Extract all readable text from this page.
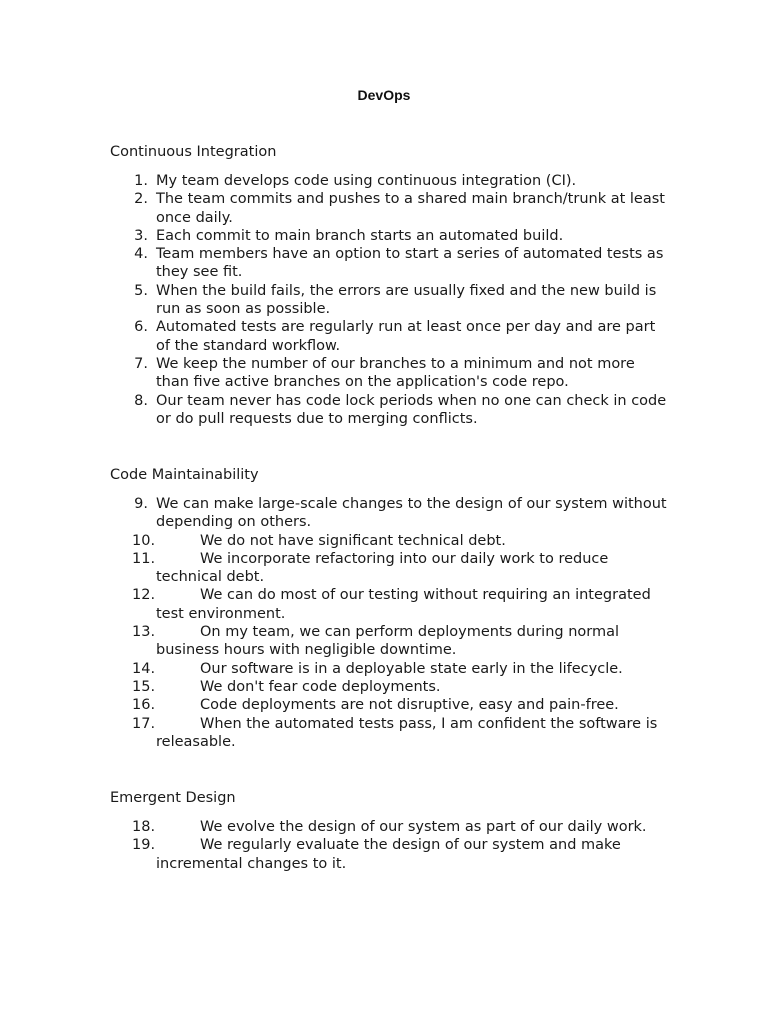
DevOps
Continuous Integration
1. My team develops code using continuous integration (CI).
2. The team commits and pushes to a shared main branch/trunk at least once daily.
3. Each commit to main branch starts an automated build.
4. Team members have an option to start a series of automated tests as they see fit.
5. When the build fails, the errors are usually fixed and the new build is run as soon as possible.
6. Automated tests are regularly run at least once per day and are part of the standard workflow.
7. We keep the number of our branches to a minimum and not more than five active branches on the application's code repo.
8. Our team never has code lock periods when no one can check in code or do pull requests due to merging conflicts.
Code Maintainability
9. We can make large-scale changes to the design of our system without depending on others.
10.	We do not have significant technical debt.
11.	We incorporate refactoring into our daily work to reduce technical debt.
12.	We can do most of our testing without requiring an integrated test environment.
13.	On my team, we can perform deployments during normal business hours with negligible downtime.
14.	Our software is in a deployable state early in the lifecycle.
15.	We don't fear code deployments.
16.	Code deployments are not disruptive, easy and pain-free.
17.	When the automated tests pass, I am confident the software is releasable.
Emergent Design
18.	We evolve the design of our system as part of our daily work.
19.	We regularly evaluate the design of our system and make incremental changes to it.
